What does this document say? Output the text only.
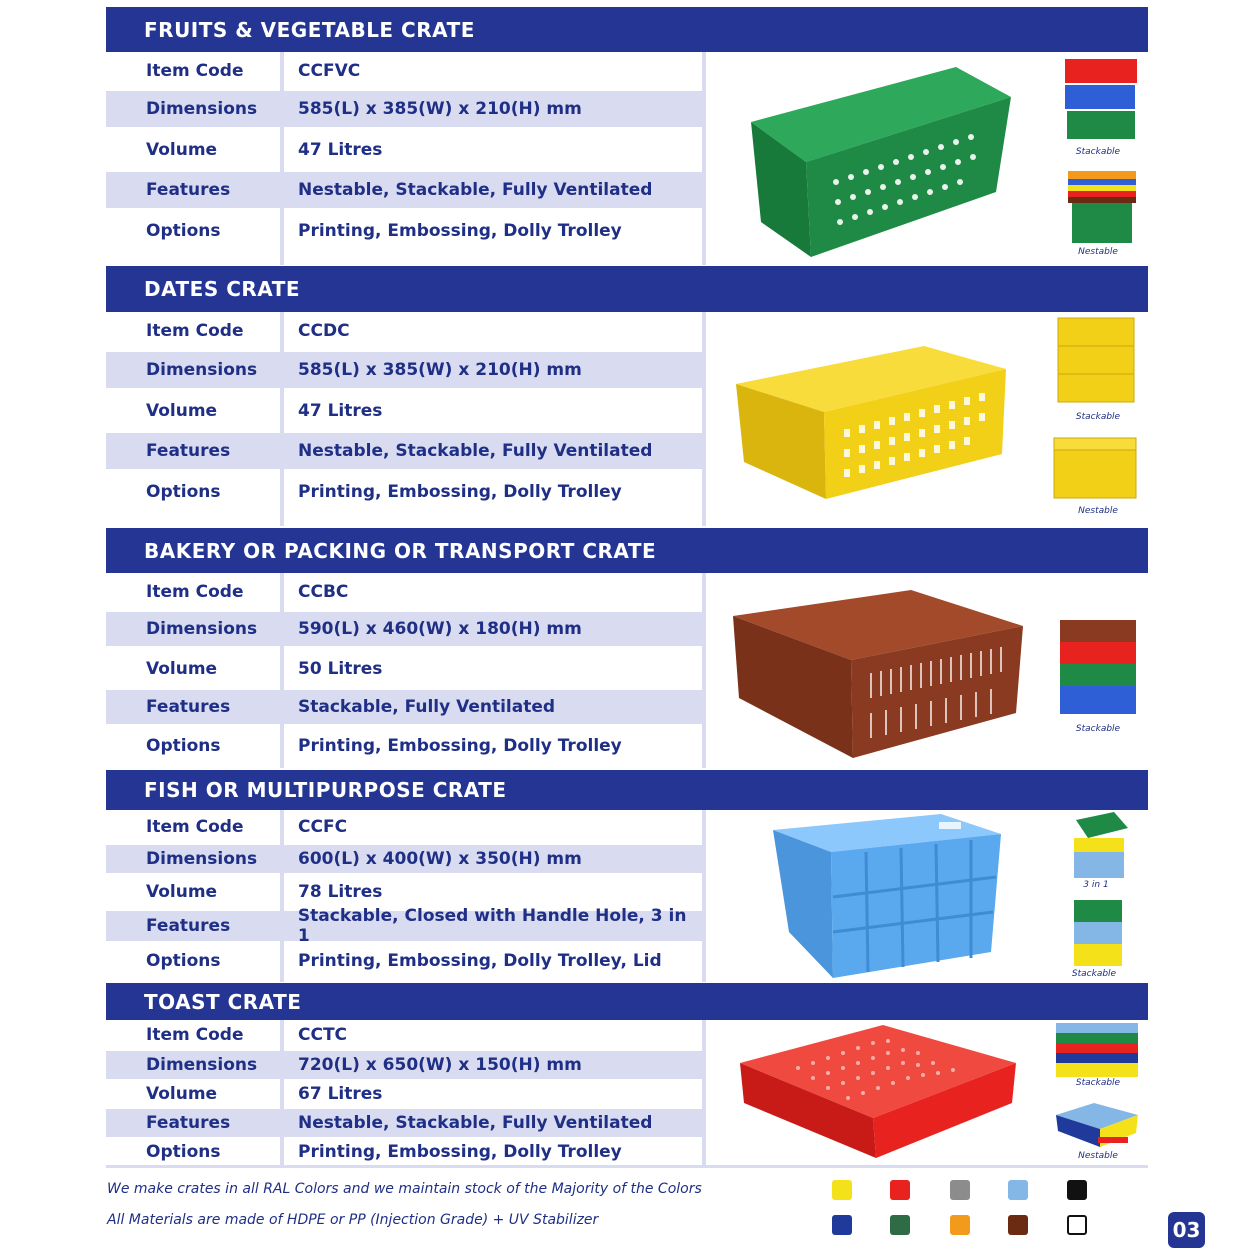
FRUITS & VEGETABLE CRATE
Item Code	CCFVC
Dimensions	585(L) x 385(W) x 210(H) mm
Volume	47 Litres
Features	Nestable, Stackable, Fully Ventilated
Options	Printing, Embossing, Dolly Trolley
Stackable
Nestable
DATES CRATE
Item Code	CCDC
Dimensions	585(L) x 385(W) x 210(H) mm
Volume	47 Litres
Features	Nestable, Stackable, Fully Ventilated
Options	Printing, Embossing, Dolly Trolley
Stackable
Nestable
BAKERY OR PACKING OR TRANSPORT CRATE
Item Code	CCBC
Dimensions	590(L) x 460(W) x 180(H) mm
Volume	50 Litres
Features	Stackable, Fully Ventilated
Options	Printing, Embossing, Dolly Trolley
Stackable
FISH OR MULTIPURPOSE CRATE
Item Code	CCFC
Dimensions	600(L) x 400(W) x 350(H) mm
Volume	78 Litres
Features	Stackable, Closed with Handle Hole, 3 in 1
Options	Printing, Embossing, Dolly Trolley, Lid
3 in 1
Stackable
TOAST CRATE
Item Code	CCTC
Dimensions	720(L) x 650(W) x 150(H) mm
Volume	67 Litres
Features	Nestable, Stackable, Fully Ventilated
Options	Printing, Embossing, Dolly Trolley
Stackable
Nestable
We make crates in all RAL Colors and we maintain stock of the Majority of the Colors
All Materials are made of HDPE or PP (Injection Grade) + UV Stabilizer	03
